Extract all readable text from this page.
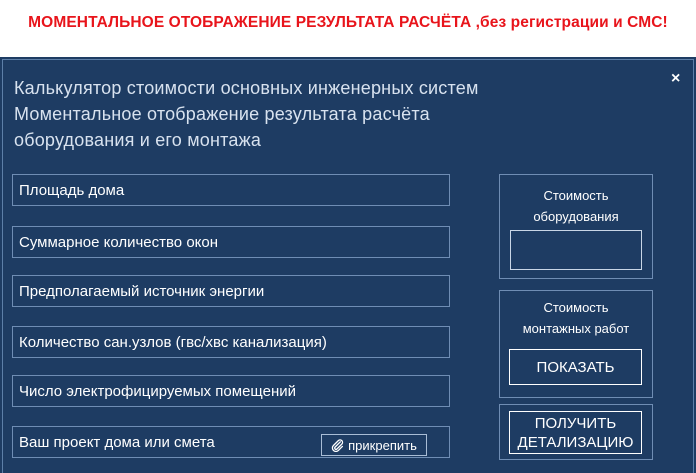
МОМЕНТАЛЬНОЕ ОТОБРАЖЕНИЕ РЕЗУЛЬТАТА РАСЧЁТА ,без регистрации и СМС!
×
Калькулятор стоимости основных инженерных систем
Моментальное отображение результата расчёта
оборудования и его монтажа
Площадь дома
Суммарное количество окон
Предполагаемый источник энергии
Количество сан.узлов (гвс/хвс канализация)
Число электрофицируемых помещений
Ваш проект дома или смета
Стоимость
оборудования
Стоимость
монтажных работ
ПОКАЗАТЬ
прикрепить
ПОЛУЧИТЬ
ДЕТАЛИЗАЦИЮ
